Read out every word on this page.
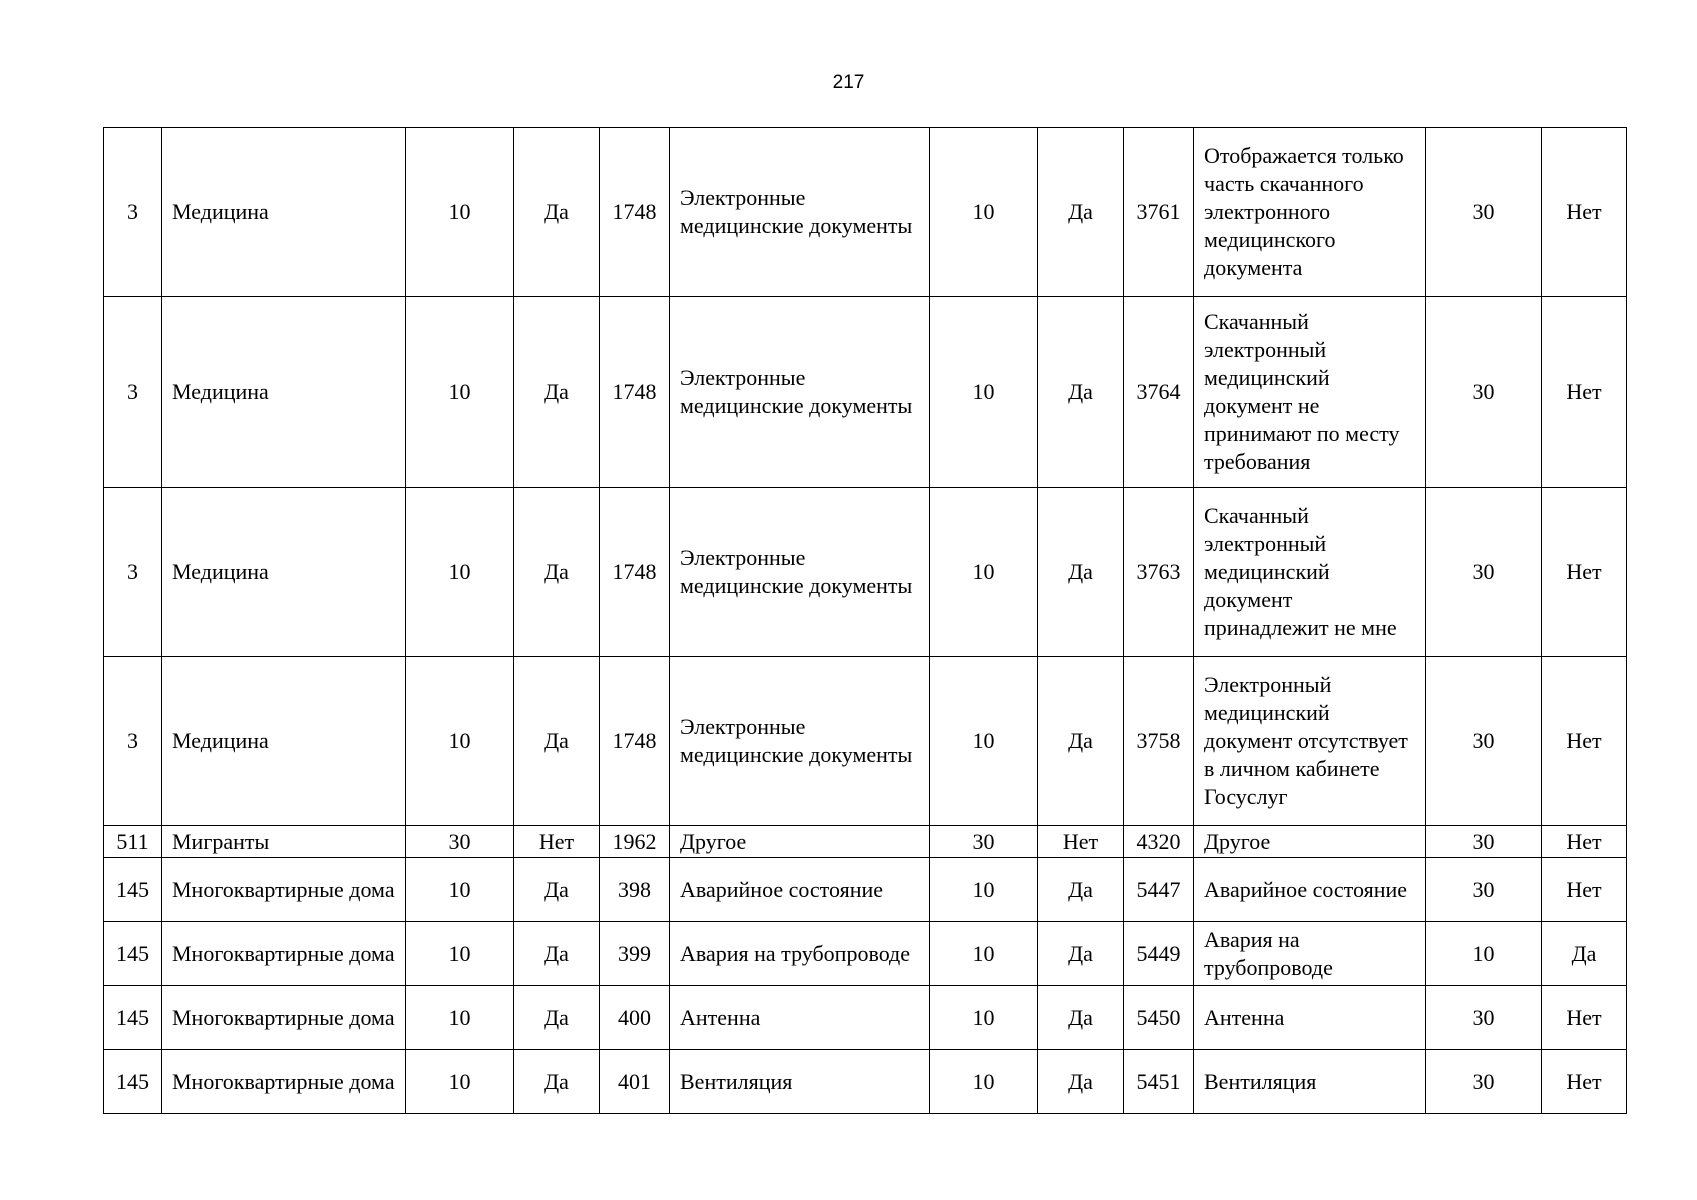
217
3	Медицина	10	Да	1748	Электронные медицинские документы	10	Да	3761	Отображается только часть скачанного электронного медицинского документа	30	Нет
3	Медицина	10	Да	1748	Электронные медицинские документы	10	Да	3764	Скачанный электронный медицинский документ не принимают по месту требования	30	Нет
3	Медицина	10	Да	1748	Электронные медицинские документы	10	Да	3763	Скачанный электронный медицинский документ принадлежит не мне	30	Нет
3	Медицина	10	Да	1748	Электронные медицинские документы	10	Да	3758	Электронный медицинский документ отсутствует в личном кабинете Госуслуг	30	Нет
511	Мигранты	30	Нет	1962	Другое	30	Нет	4320	Другое	30	Нет
145	Многоквартирные дома	10	Да	398	Аварийное состояние	10	Да	5447	Аварийное состояние	30	Нет
145	Многоквартирные дома	10	Да	399	Авария на трубопроводе	10	Да	5449	Авария на трубопроводе	10	Да
145	Многоквартирные дома	10	Да	400	Антенна	10	Да	5450	Антенна	30	Нет
145	Многоквартирные дома	10	Да	401	Вентиляция	10	Да	5451	Вентиляция	30	Нет
